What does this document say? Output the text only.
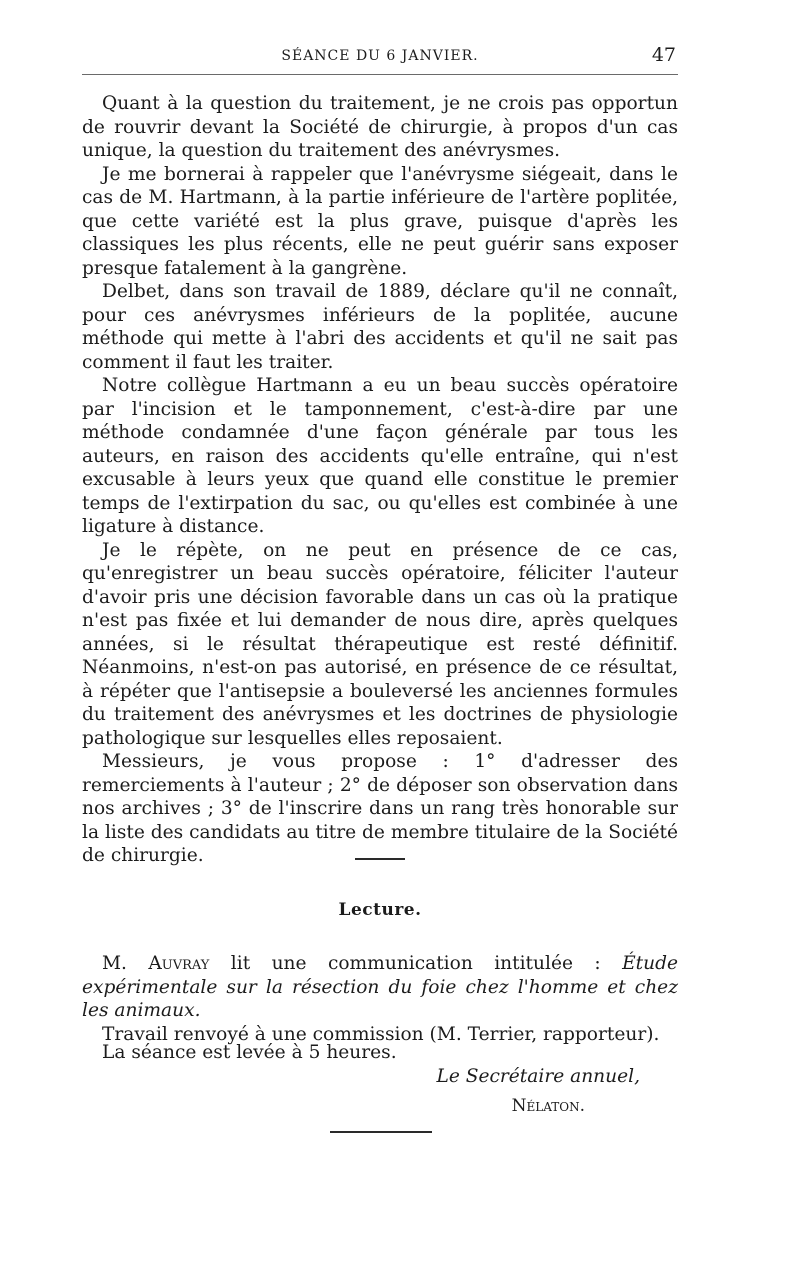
SÉANCE DU 6 JANVIER.	47

Quant à la question du traitement, je ne crois pas opportun de rouvrir devant la Société de chirurgie, à propos d'un cas unique, la question du traitement des anévrysmes.

Je me bornerai à rappeler que l'anévrysme siégeait, dans le cas de M. Hartmann, à la partie inférieure de l'artère poplitée, que cette variété est la plus grave, puisque d'après les classiques les plus récents, elle ne peut guérir sans exposer presque fatalement à la gangrène.

Delbet, dans son travail de 1889, déclare qu'il ne connaît, pour ces anévrysmes inférieurs de la poplitée, aucune méthode qui mette à l'abri des accidents et qu'il ne sait pas comment il faut les traiter.

Notre collègue Hartmann a eu un beau succès opératoire par l'incision et le tamponnement, c'est-à-dire par une méthode condamnée d'une façon générale par tous les auteurs, en raison des accidents qu'elle entraîne, qui n'est excusable à leurs yeux que quand elle constitue le premier temps de l'extirpation du sac, ou qu'elles est combinée à une ligature à distance.

Je le répète, on ne peut en présence de ce cas, qu'enregistrer un beau succès opératoire, féliciter l'auteur d'avoir pris une décision favorable dans un cas où la pratique n'est pas fixée et lui demander de nous dire, après quelques années, si le résultat thérapeutique est resté définitif. Néanmoins, n'est-on pas autorisé, en présence de ce résultat, à répéter que l'antisepsie a bouleversé les anciennes formules du traitement des anévrysmes et les doctrines de physiologie pathologique sur lesquelles elles reposaient.

Messieurs, je vous propose : 1° d'adresser des remerciements à l'auteur ; 2° de déposer son observation dans nos archives ; 3° de l'inscrire dans un rang très honorable sur la liste des candidats au titre de membre titulaire de la Société de chirurgie.

Lecture.

M. Auvray lit une communication intitulée : Étude expérimentale sur la résection du foie chez l'homme et chez les animaux.

Travail renvoyé à une commission (M. Terrier, rapporteur).

La séance est levée à 5 heures.

Le Secrétaire annuel,
Nélaton.
